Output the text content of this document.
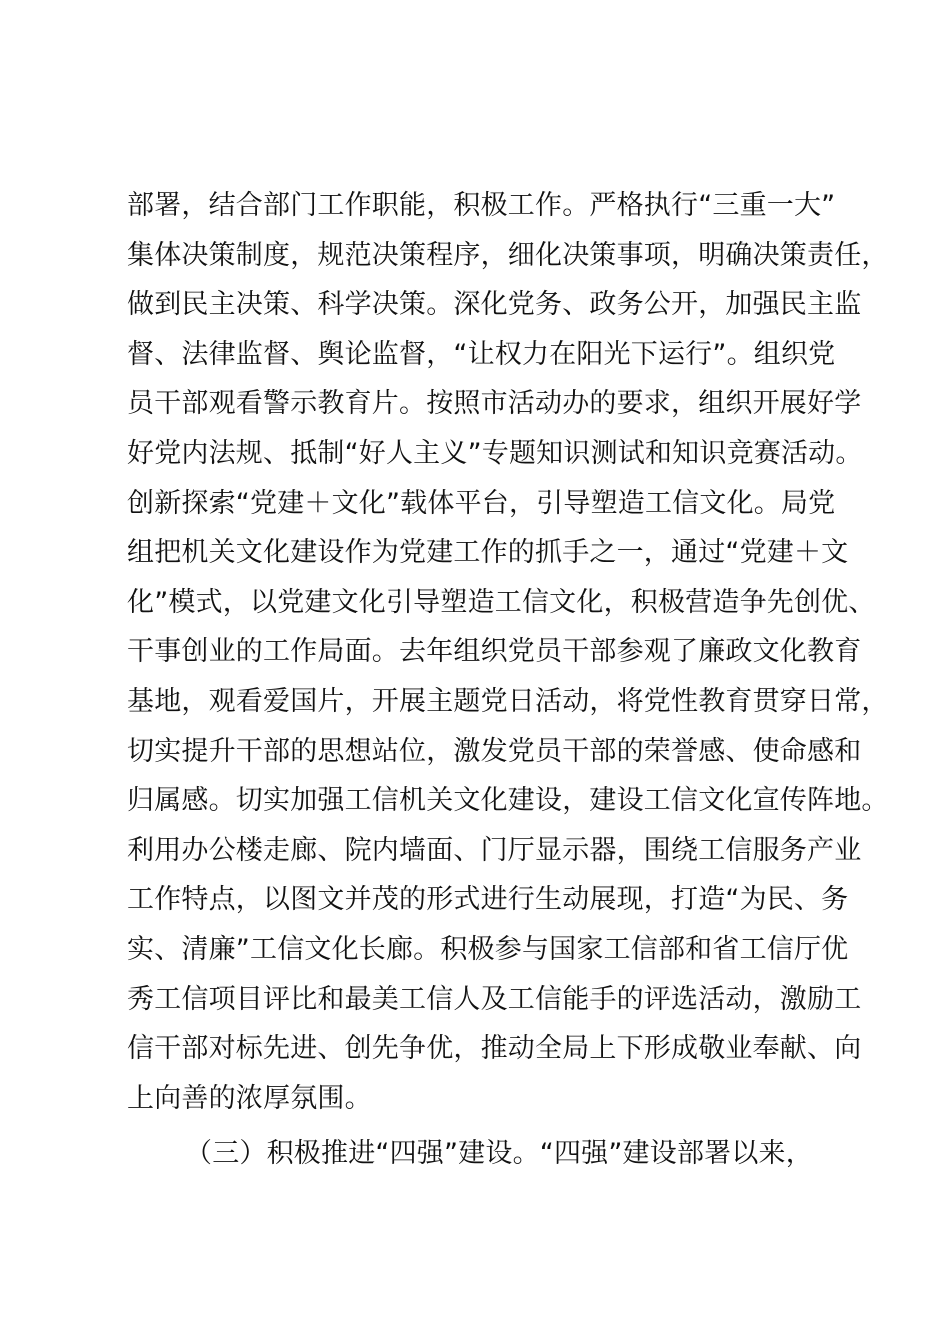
部署，结合部门工作职能，积极工作。严格执行“三重一大”
集体决策制度，规范决策程序，细化决策事项，明确决策责任，
做到民主决策、科学决策。深化党务、政务公开，加强民主监
督、法律监督、舆论监督，“让权力在阳光下运行”。组织党
员干部观看警示教育片。按照市活动办的要求，组织开展好学
好党内法规、抵制“好人主义”专题知识测试和知识竞赛活动。
创新探索“党建＋文化”载体平台，引导塑造工信文化。局党
组把机关文化建设作为党建工作的抓手之一，通过“党建＋文
化”模式，以党建文化引导塑造工信文化，积极营造争先创优、
干事创业的工作局面。去年组织党员干部参观了廉政文化教育
基地，观看爱国片，开展主题党日活动，将党性教育贯穿日常，
切实提升干部的思想站位，激发党员干部的荣誉感、使命感和
归属感。切实加强工信机关文化建设，建设工信文化宣传阵地。
利用办公楼走廊、院内墙面、门厅显示器，围绕工信服务产业
工作特点，以图文并茂的形式进行生动展现，打造“为民、务
实、清廉”工信文化长廊。积极参与国家工信部和省工信厅优
秀工信项目评比和最美工信人及工信能手的评选活动，激励工
信干部对标先进、创先争优，推动全局上下形成敬业奉献、向
上向善的浓厚氛围。
（三）积极推进“四强”建设。“四强”建设部署以来，
